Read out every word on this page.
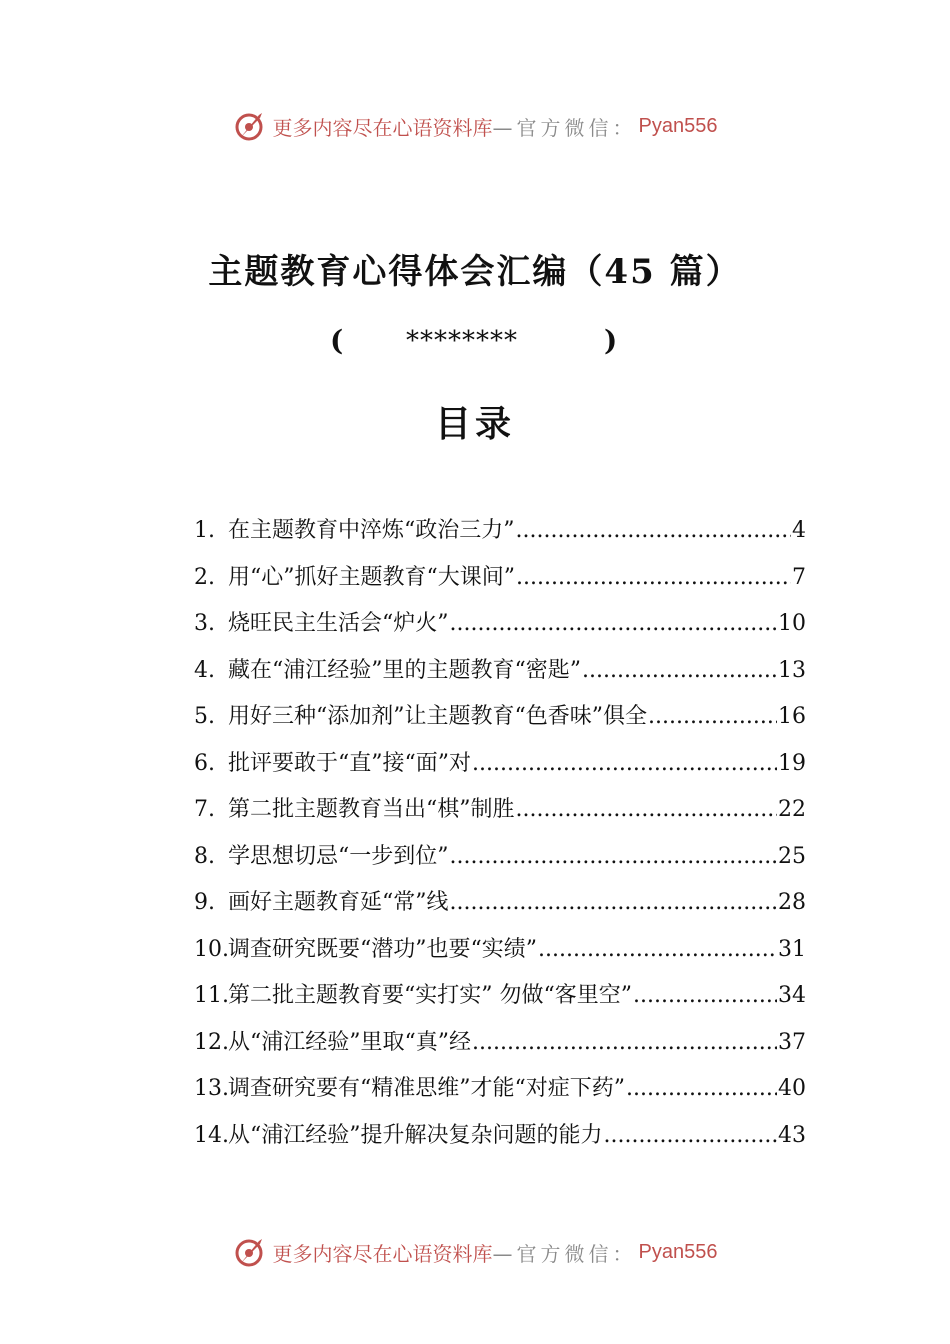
更多内容尽在心语资料库 —官方微信： Pyan556
主题教育心得体会汇编（45 篇）
( ********	)
目录
1. 在主题教育中淬炼“政治三力” .....	4
2. 用“心”抓好主题教育“大课间” .....	7
3. 烧旺民主生活会“炉火” .....	10
4. 藏在“浦江经验”里的主题教育“密匙” .....	13
5. 用好三种“添加剂”让主题教育“色香味”俱全 .....	16
6. 批评要敢于“直”接“面”对 .....	19
7. 第二批主题教育当出“棋”制胜 .....	22
8. 学思想切忌“一步到位” .....	25
9. 画好主题教育延“常”线 .....	28
10. 调查研究既要“潜功”也要“实绩” .....	31
11. 第二批主题教育要“实打实” 勿做“客里空” .....	34
12. 从“浦江经验”里取“真”经 .....	37
13. 调查研究要有“精准思维”才能“对症下药” .....	40
14. 从“浦江经验”提升解决复杂问题的能力 .....	43
更多内容尽在心语资料库 —官方微信： Pyan556
